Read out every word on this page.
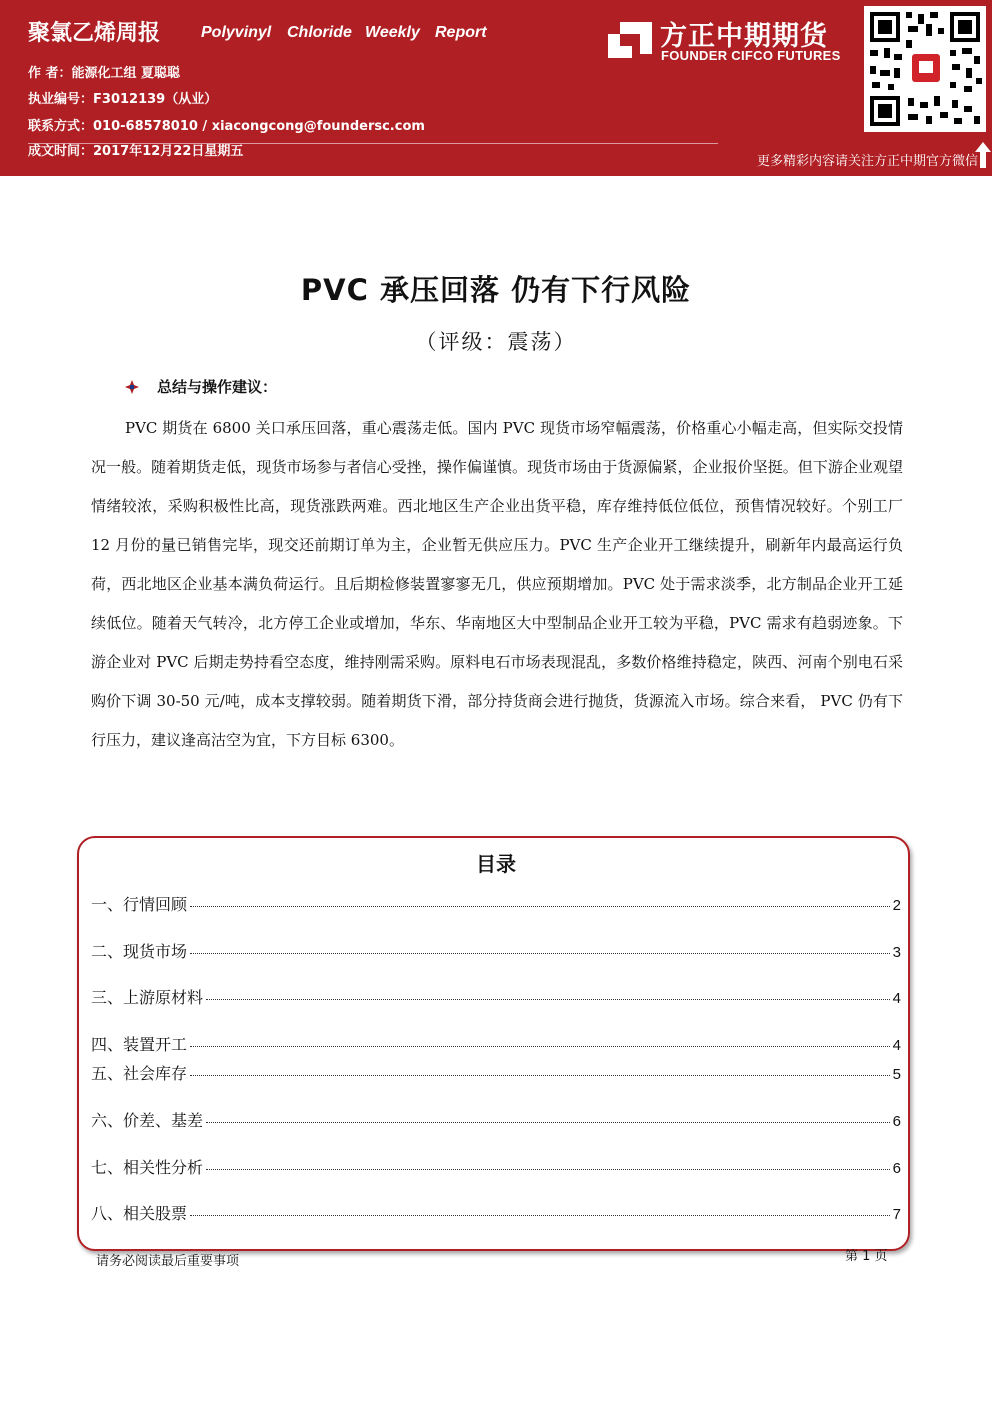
聚氯乙烯周报	Polyvinyl Chloride Weekly Report
作 者：能源化工组 夏聪聪
执业编号：F3012139（从业）
联系方式：010-68578010 / xiacongcong@foundersc.com
成文时间：2017年12月22日星期五
方正中期期货
FOUNDER CIFCO FUTURES
更多精彩内容请关注方正中期官方微信
PVC 承压回落 仍有下行风险
（评级：震荡）
总结与操作建议：

PVC 期货在 6800 关口承压回落，重心震荡走低。国内 PVC 现货市场窄幅震荡，价格重心小幅走高，但实际交投情况一般。随着期货走低，现货市场参与者信心受挫，操作偏谨慎。现货市场由于货源偏紧，企业报价坚挺。但下游企业观望情绪较浓，采购积极性比高，现货涨跌两难。西北地区生产企业出货平稳，库存维持低位低位，预售情况较好。个别工厂 12 月份的量已销售完毕，现交还前期订单为主，企业暂无供应压力。PVC 生产企业开工继续提升，刷新年内最高运行负荷，西北地区企业基本满负荷运行。且后期检修装置寥寥无几，供应预期增加。PVC 处于需求淡季，北方制品企业开工延续低位。随着天气转冷，北方停工企业或增加，华东、华南地区大中型制品企业开工较为平稳，PVC 需求有趋弱迹象。下游企业对 PVC 后期走势持看空态度，维持刚需采购。原料电石市场表现混乱，多数价格维持稳定，陕西、河南个别电石采购价下调 30-50 元/吨，成本支撑较弱。随着期货下滑，部分持货商会进行抛货，货源流入市场。综合来看， PVC 仍有下行压力，建议逢高沽空为宜，下方目标 6300。

目录
一、行情回顾	2
二、现货市场	3
三、上游原材料	4
四、装置开工	4
五、社会库存	5
六、价差、基差	6
七、相关性分析	6
八、相关股票	7
请务必阅读最后重要事项	第 1 页
